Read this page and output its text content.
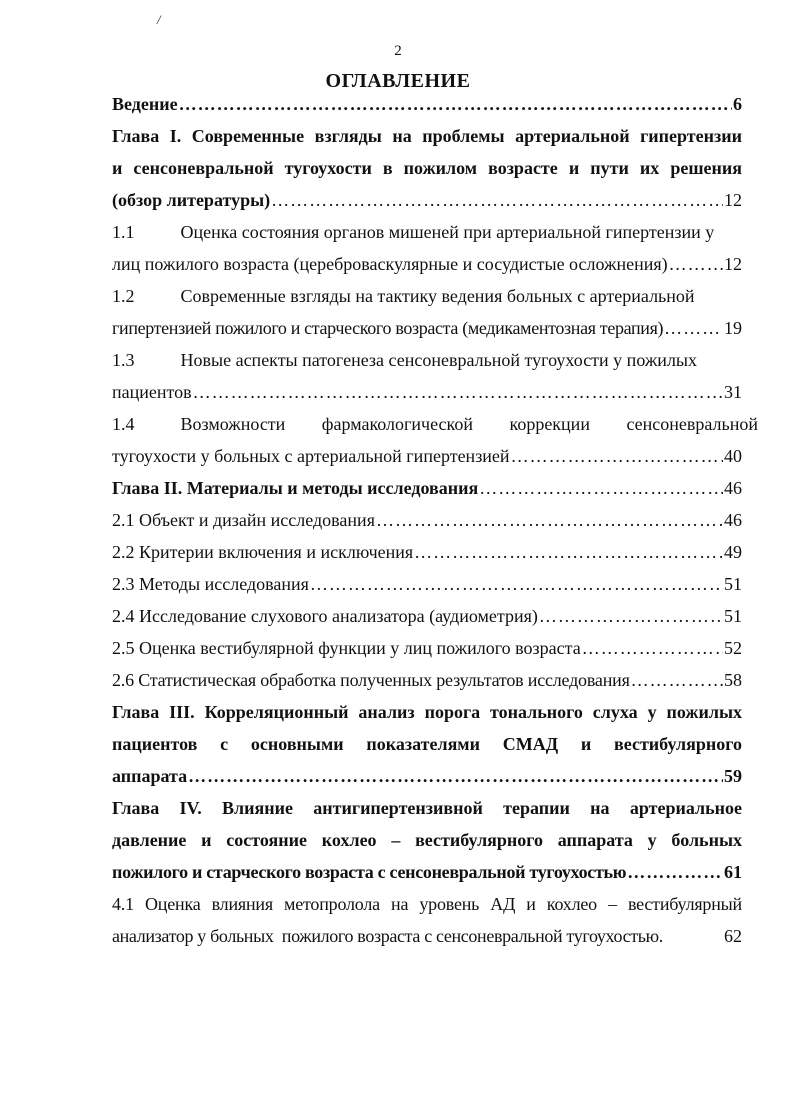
/
2
ОГЛАВЛЕНИЕ
Ведение ……………………………………………………………………………………………………………………………………………………	6
Глава I. Современные взгляды на проблемы артериальной гипертензии
и сенсоневральной тугоухости в пожилом возрасте и пути их решения
(обзор литературы) ……………………………………………………………………………………………………………………………………………………	12
1.1	Оценка состояния органов мишеней при артериальной гипертензии у
лиц пожилого возраста (цереброваскулярные и сосудистые осложнения) ……………………………………………………………………………………………………………………………………………………	12
1.2	Современные взгляды на тактику ведения больных с артериальной
гипертензией пожилого и старческого возраста (медикаментозная терапия) ……………………………………………………………………………………………………………………………………………………	19
1.3	Новые аспекты патогенеза сенсоневральной тугоухости у пожилых
пациентов ……………………………………………………………………………………………………………………………………………………	31
1.4	Возможности фармакологической коррекции сенсоневральной
тугоухости у больных с артериальной гипертензией ……………………………………………………………………………………………………………………………………………………	40
Глава II. Материалы и методы исследования ……………………………………………………………………………………………………………………………………………………	46
2.1 Объект и дизайн исследования ……………………………………………………………………………………………………………………………………………………	46
2.2 Критерии включения и исключения ……………………………………………………………………………………………………………………………………………………	49
2.3 Методы исследования ……………………………………………………………………………………………………………………………………………………	51
2.4 Исследование слухового анализатора (аудиометрия) ……………………………………………………………………………………………………………………………………………………	51
2.5 Оценка вестибулярной функции у лиц пожилого возраста ……………………………………………………………………………………………………………………………………………………	52
2.6 Статистическая обработка полученных результатов исследования ……………………………………………………………………………………………………………………………………………………	58
Глава III. Корреляционный анализ порога тонального слуха у пожилых
пациентов с основными показателями СМАД и вестибулярного
аппарата ……………………………………………………………………………………………………………………………………………………	59
Глава IV. Влияние антигипертензивной терапии на артериальное
давление и состояние кохлео – вестибулярного аппарата у больных
пожилого и старческого возраста с сенсоневральной тугоухостью ……………………………………………………………………………………………………………………………………………………	61
4.1 Оценка влияния метопролола на уровень АД и кохлео – вестибулярный
анализатор у больных  пожилого возраста с сенсоневральной тугоухостью.	62
